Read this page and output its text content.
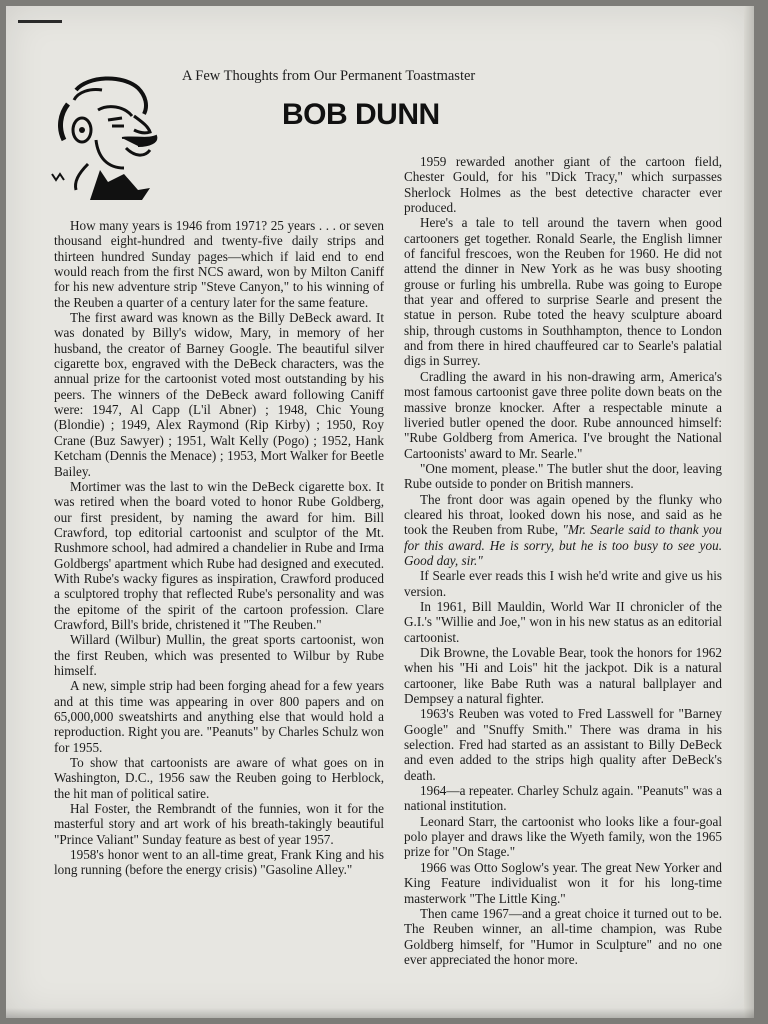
A Few Thoughts from Our Permanent Toastmaster
BOB DUNN

How many years is 1946 from 1971? 25 years . . . or seven thousand eight-hundred and twenty-five daily strips and thirteen hundred Sunday pages—which if laid end to end would reach from the first NCS award, won by Milton Caniff for his new adventure strip "Steve Canyon," to his winning of the Reuben a quarter of a century later for the same feature.

The first award was known as the Billy DeBeck award. It was donated by Billy's widow, Mary, in memory of her husband, the creator of Barney Google. The beautiful silver cigarette box, engraved with the DeBeck characters, was the annual prize for the cartoonist voted most outstanding by his peers. The winners of the DeBeck award following Caniff were: 1947, Al Capp (L'il Abner) ; 1948, Chic Young (Blondie) ; 1949, Alex Raymond (Rip Kirby) ; 1950, Roy Crane (Buz Sawyer) ; 1951, Walt Kelly (Pogo) ; 1952, Hank Ketcham (Dennis the Menace) ; 1953, Mort Walker for Beetle Bailey.

Mortimer was the last to win the DeBeck cigarette box. It was retired when the board voted to honor Rube Goldberg, our first president, by naming the award for him. Bill Crawford, top editorial cartoonist and sculptor of the Mt. Rushmore school, had admired a chandelier in Rube and Irma Goldbergs' apartment which Rube had designed and executed. With Rube's wacky figures as inspiration, Crawford produced a sculptored trophy that reflected Rube's personality and was the epitome of the spirit of the cartoon profession. Clare Crawford, Bill's bride, christened it "The Reuben."

Willard (Wilbur) Mullin, the great sports cartoonist, won the first Reuben, which was presented to Wilbur by Rube himself.

A new, simple strip had been forging ahead for a few years and at this time was appearing in over 800 papers and on 65,000,000 sweatshirts and anything else that would hold a reproduction. Right you are. "Peanuts" by Charles Schulz won for 1955.

To show that cartoonists are aware of what goes on in Washington, D.C., 1956 saw the Reuben going to Herblock, the hit man of political satire.

Hal Foster, the Rembrandt of the funnies, won it for the masterful story and art work of his breath-takingly beautiful "Prince Valiant" Sunday feature as best of year 1957.

1958's honor went to an all-time great, Frank King and his long running (before the energy crisis) "Gasoline Alley."

1959 rewarded another giant of the cartoon field, Chester Gould, for his "Dick Tracy," which surpasses Sherlock Holmes as the best detective character ever produced.

Here's a tale to tell around the tavern when good cartooners get together. Ronald Searle, the English limner of fanciful frescoes, won the Reuben for 1960. He did not attend the dinner in New York as he was busy shooting grouse or furling his umbrella. Rube was going to Europe that year and offered to surprise Searle and present the statue in person. Rube toted the heavy sculpture aboard ship, through customs in Southhampton, thence to London and from there in hired chauffeured car to Searle's palatial digs in Surrey.

Cradling the award in his non-drawing arm, America's most famous cartoonist gave three polite down beats on the massive bronze knocker. After a respectable minute a liveried butler opened the door. Rube announced himself: "Rube Goldberg from America. I've brought the National Cartoonists' award to Mr. Searle."

"One moment, please." The butler shut the door, leaving Rube outside to ponder on British manners.

The front door was again opened by the flunky who cleared his throat, looked down his nose, and said as he took the Reuben from Rube, "Mr. Searle said to thank you for this award. He is sorry, but he is too busy to see you. Good day, sir."

If Searle ever reads this I wish he'd write and give us his version.

In 1961, Bill Mauldin, World War II chronicler of the G.I.'s "Willie and Joe," won in his new status as an editorial cartoonist.

Dik Browne, the Lovable Bear, took the honors for 1962 when his "Hi and Lois" hit the jackpot. Dik is a natural cartooner, like Babe Ruth was a natural ballplayer and Dempsey a natural fighter.

1963's Reuben was voted to Fred Lasswell for "Barney Google" and "Snuffy Smith." There was drama in his selection. Fred had started as an assistant to Billy DeBeck and even added to the strips high quality after DeBeck's death.

1964—a repeater. Charley Schulz again. "Peanuts" was a national institution.

Leonard Starr, the cartoonist who looks like a four-goal polo player and draws like the Wyeth family, won the 1965 prize for "On Stage."

1966 was Otto Soglow's year. The great New Yorker and King Feature individualist won it for his long-time masterwork "The Little King."

Then came 1967—and a great choice it turned out to be. The Reuben winner, an all-time champion, was Rube Goldberg himself, for "Humor in Sculpture" and no one ever appreciated the honor more.
